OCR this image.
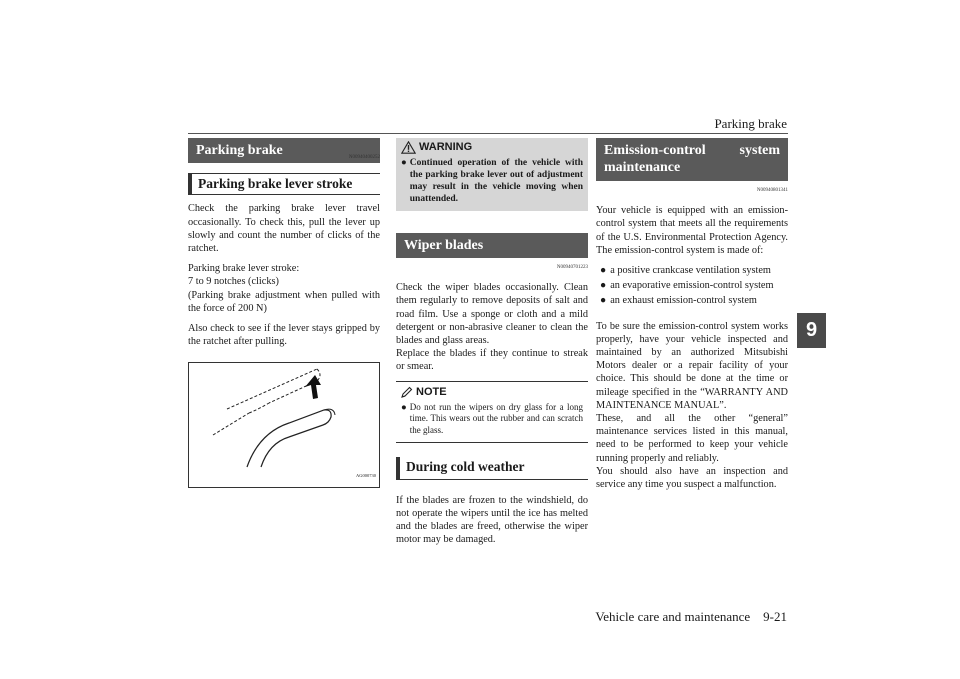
Parking brake
9
Parking brake
Parking brake lever stroke
N00940400252

Check the parking brake lever travel occasionally. To check this, pull the lever up slowly and count the number of clicks of the ratchet.

Parking brake lever stroke:
7 to 9 notches (clicks)

(Parking brake adjustment when pulled with the force of 200 N)

Also check to see if the lever stays gripped by the ratchet after pulling.

AG000730
WARNING
● Continued operation of the vehicle with the parking brake lever out of adjustment may result in the vehicle moving when unattended.
Wiper blades
N00940701223
Check the wiper blades occasionally. Clean them regularly to remove deposits of salt and road film. Use a sponge or cloth and a mild detergent or non-abrasive cleaner to clean the blades and glass areas.

Replace the blades if they continue to streak or smear.

NOTE
● Do not run the wipers on dry glass for a long time. This wears out the rubber and can scratch the glass.
During cold weather

If the blades are frozen to the windshield, do not operate the wipers until the ice has melted and the blades are freed, otherwise the wiper motor may be damaged.

Emission-control system maintenance
N00940801341

Your vehicle is equipped with an emission-control system that meets all the requirements of the U.S. Environmental Protection Agency. The emission-control system is made of:

● a positive crankcase ventilation system
● an evaporative emission-control system
● an exhaust emission-control system
To be sure the emission-control system works properly, have your vehicle inspected and maintained by an authorized Mitsubishi Motors dealer or a repair facility of your choice. This should be done at the time or mileage specified in the “WARRANTY AND MAINTENANCE MANUAL”.
These, and all the other “general” maintenance services listed in this manual, need to be performed to keep your vehicle running properly and reliably.
You should also have an inspection and service any time you suspect a malfunction.
Vehicle care and maintenance    9-21
